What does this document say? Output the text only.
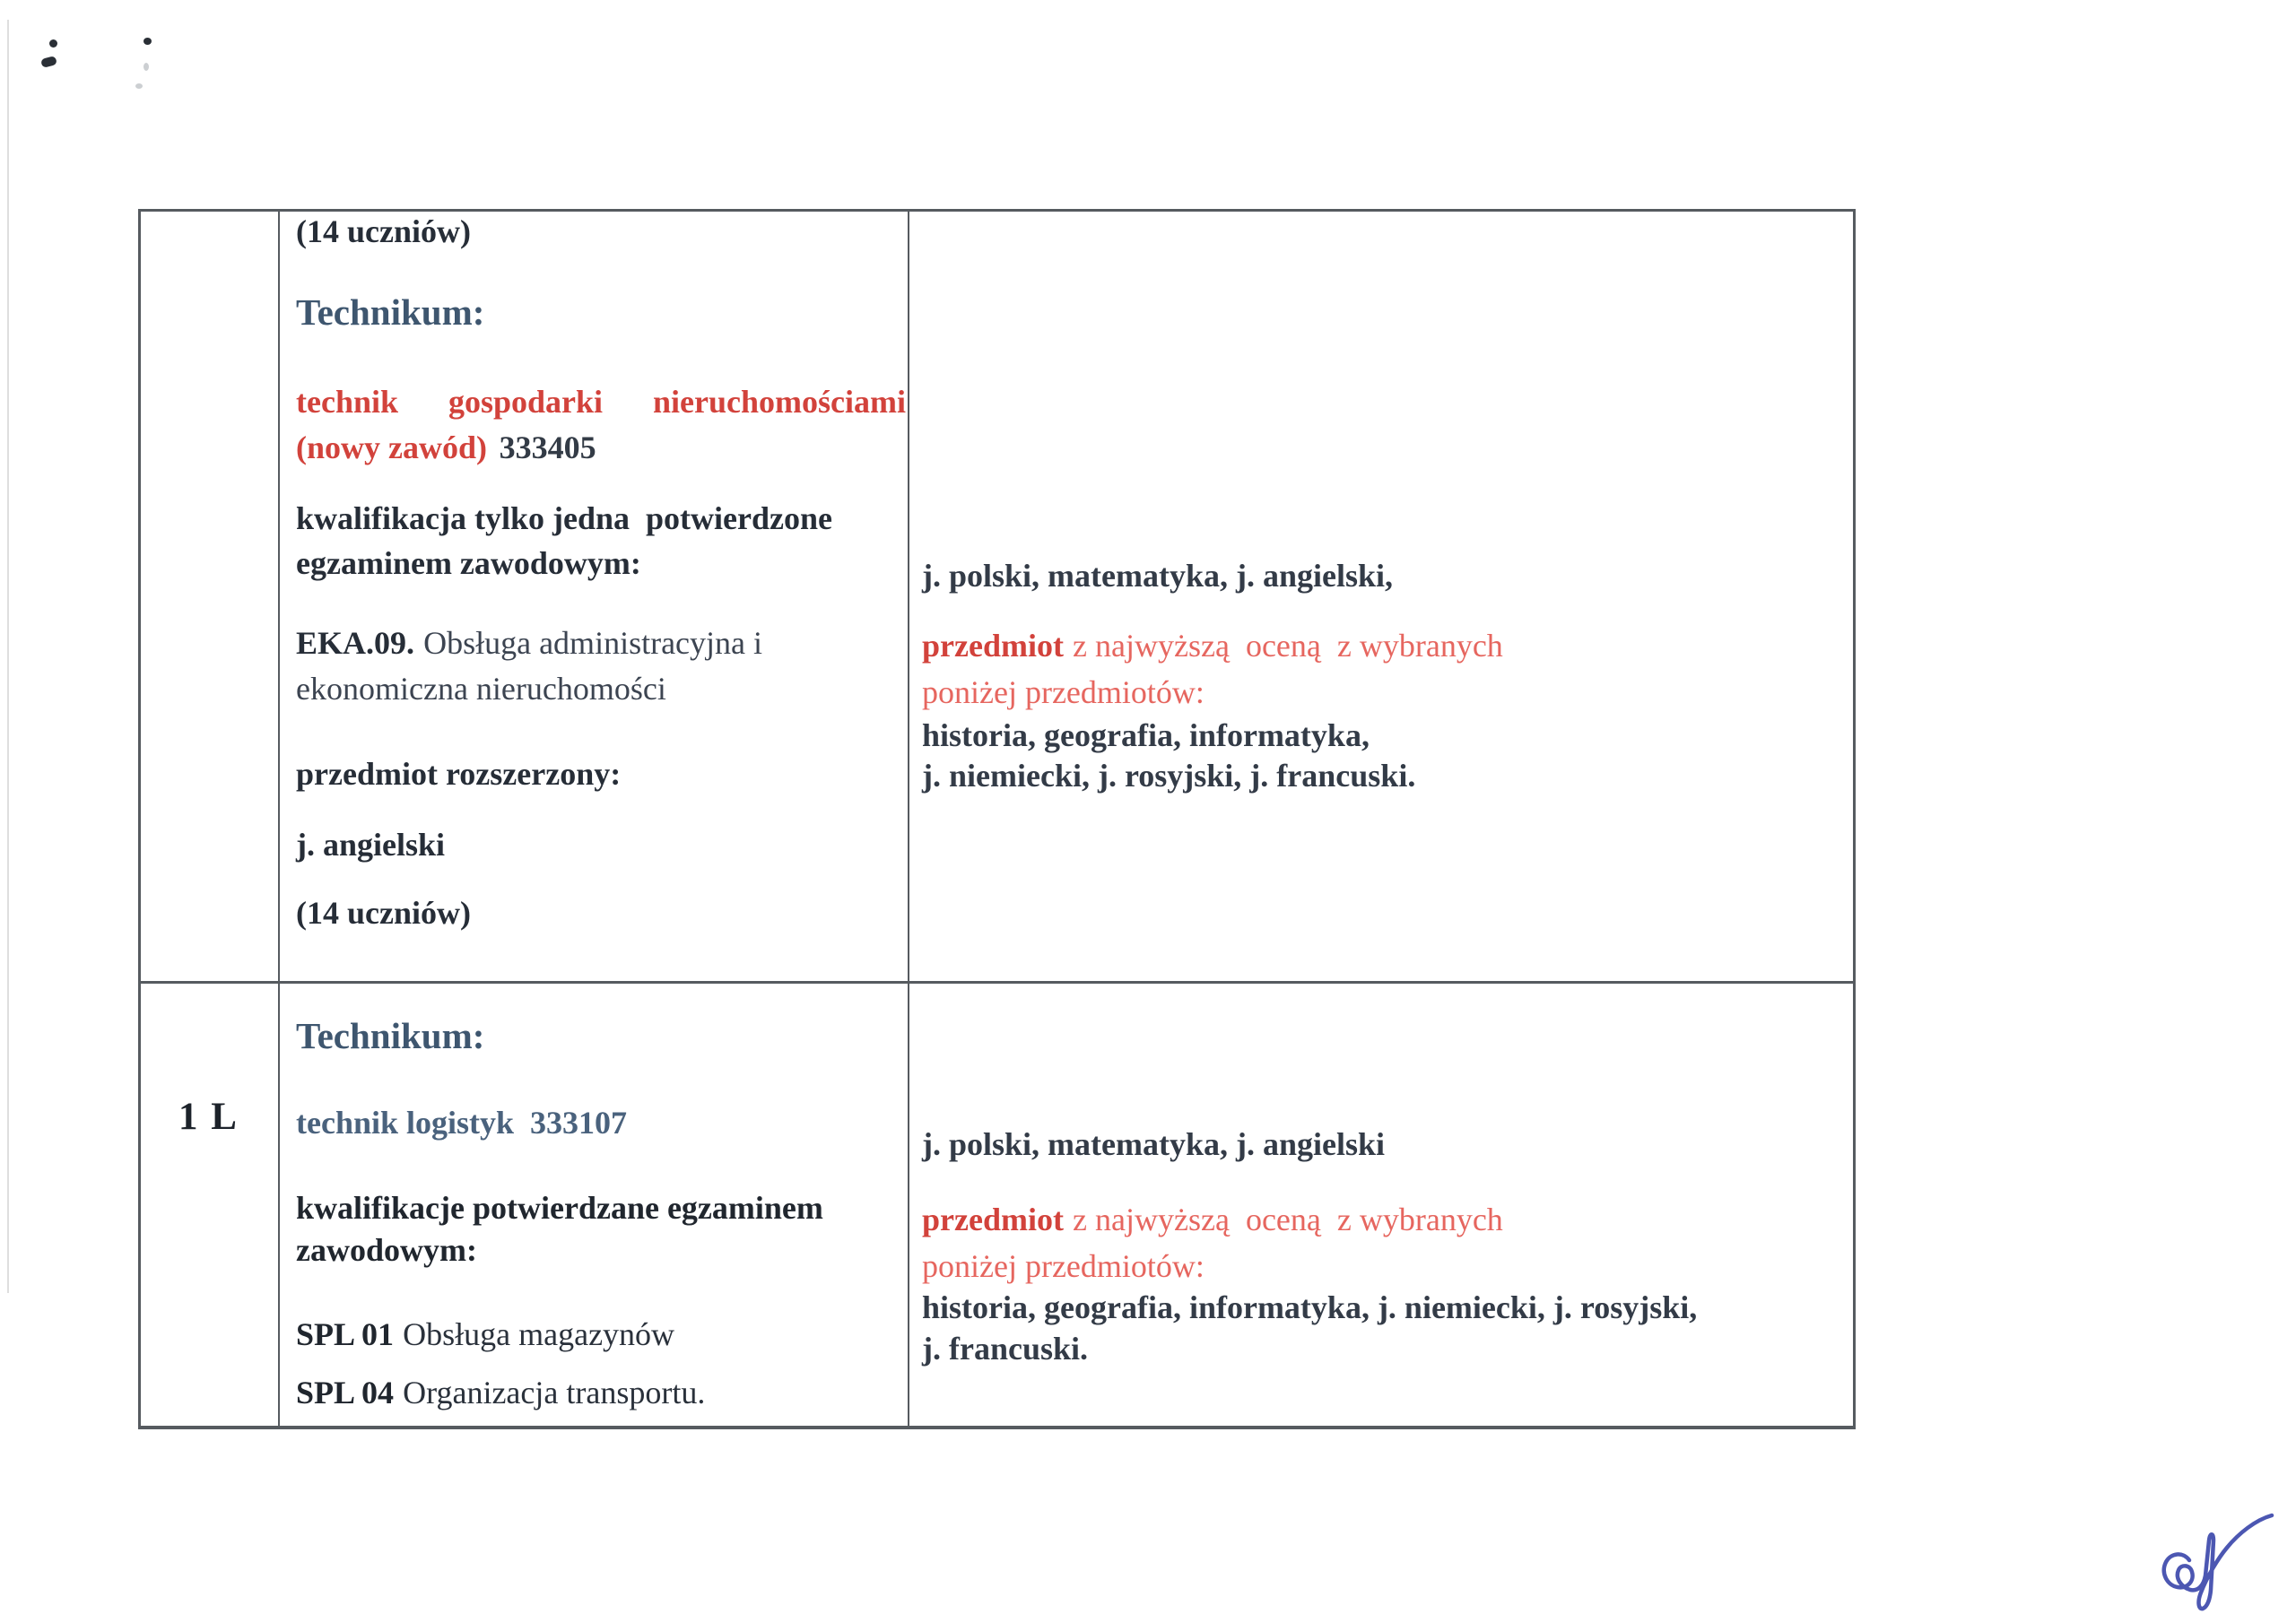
(14 uczniów)
Technikum:
technik gospodarki nieruchomościami
(nowy zawód) 333405
kwalifikacja tylko jedna  potwierdzone
egzaminem zawodowym:
EKA.09. Obsługa administracyjna i
ekonomiczna nieruchomości
przedmiot rozszerzony:
j. angielski
(14 uczniów)
j. polski, matematyka, j. angielski,
przedmiot z najwyższą  oceną  z wybranych
poniżej przedmiotów:
historia, geografia, informatyka,
j. niemiecki, j. rosyjski, j. francuski.
1 L
Technikum:
technik logistyk  333107
kwalifikacje potwierdzane egzaminem
zawodowym:
SPL 01 Obsługa magazynów
SPL 04 Organizacja transportu.
j. polski, matematyka, j. angielski
przedmiot z najwyższą  oceną  z wybranych
poniżej przedmiotów:
historia, geografia, informatyka, j. niemiecki, j. rosyjski,
j. francuski.
